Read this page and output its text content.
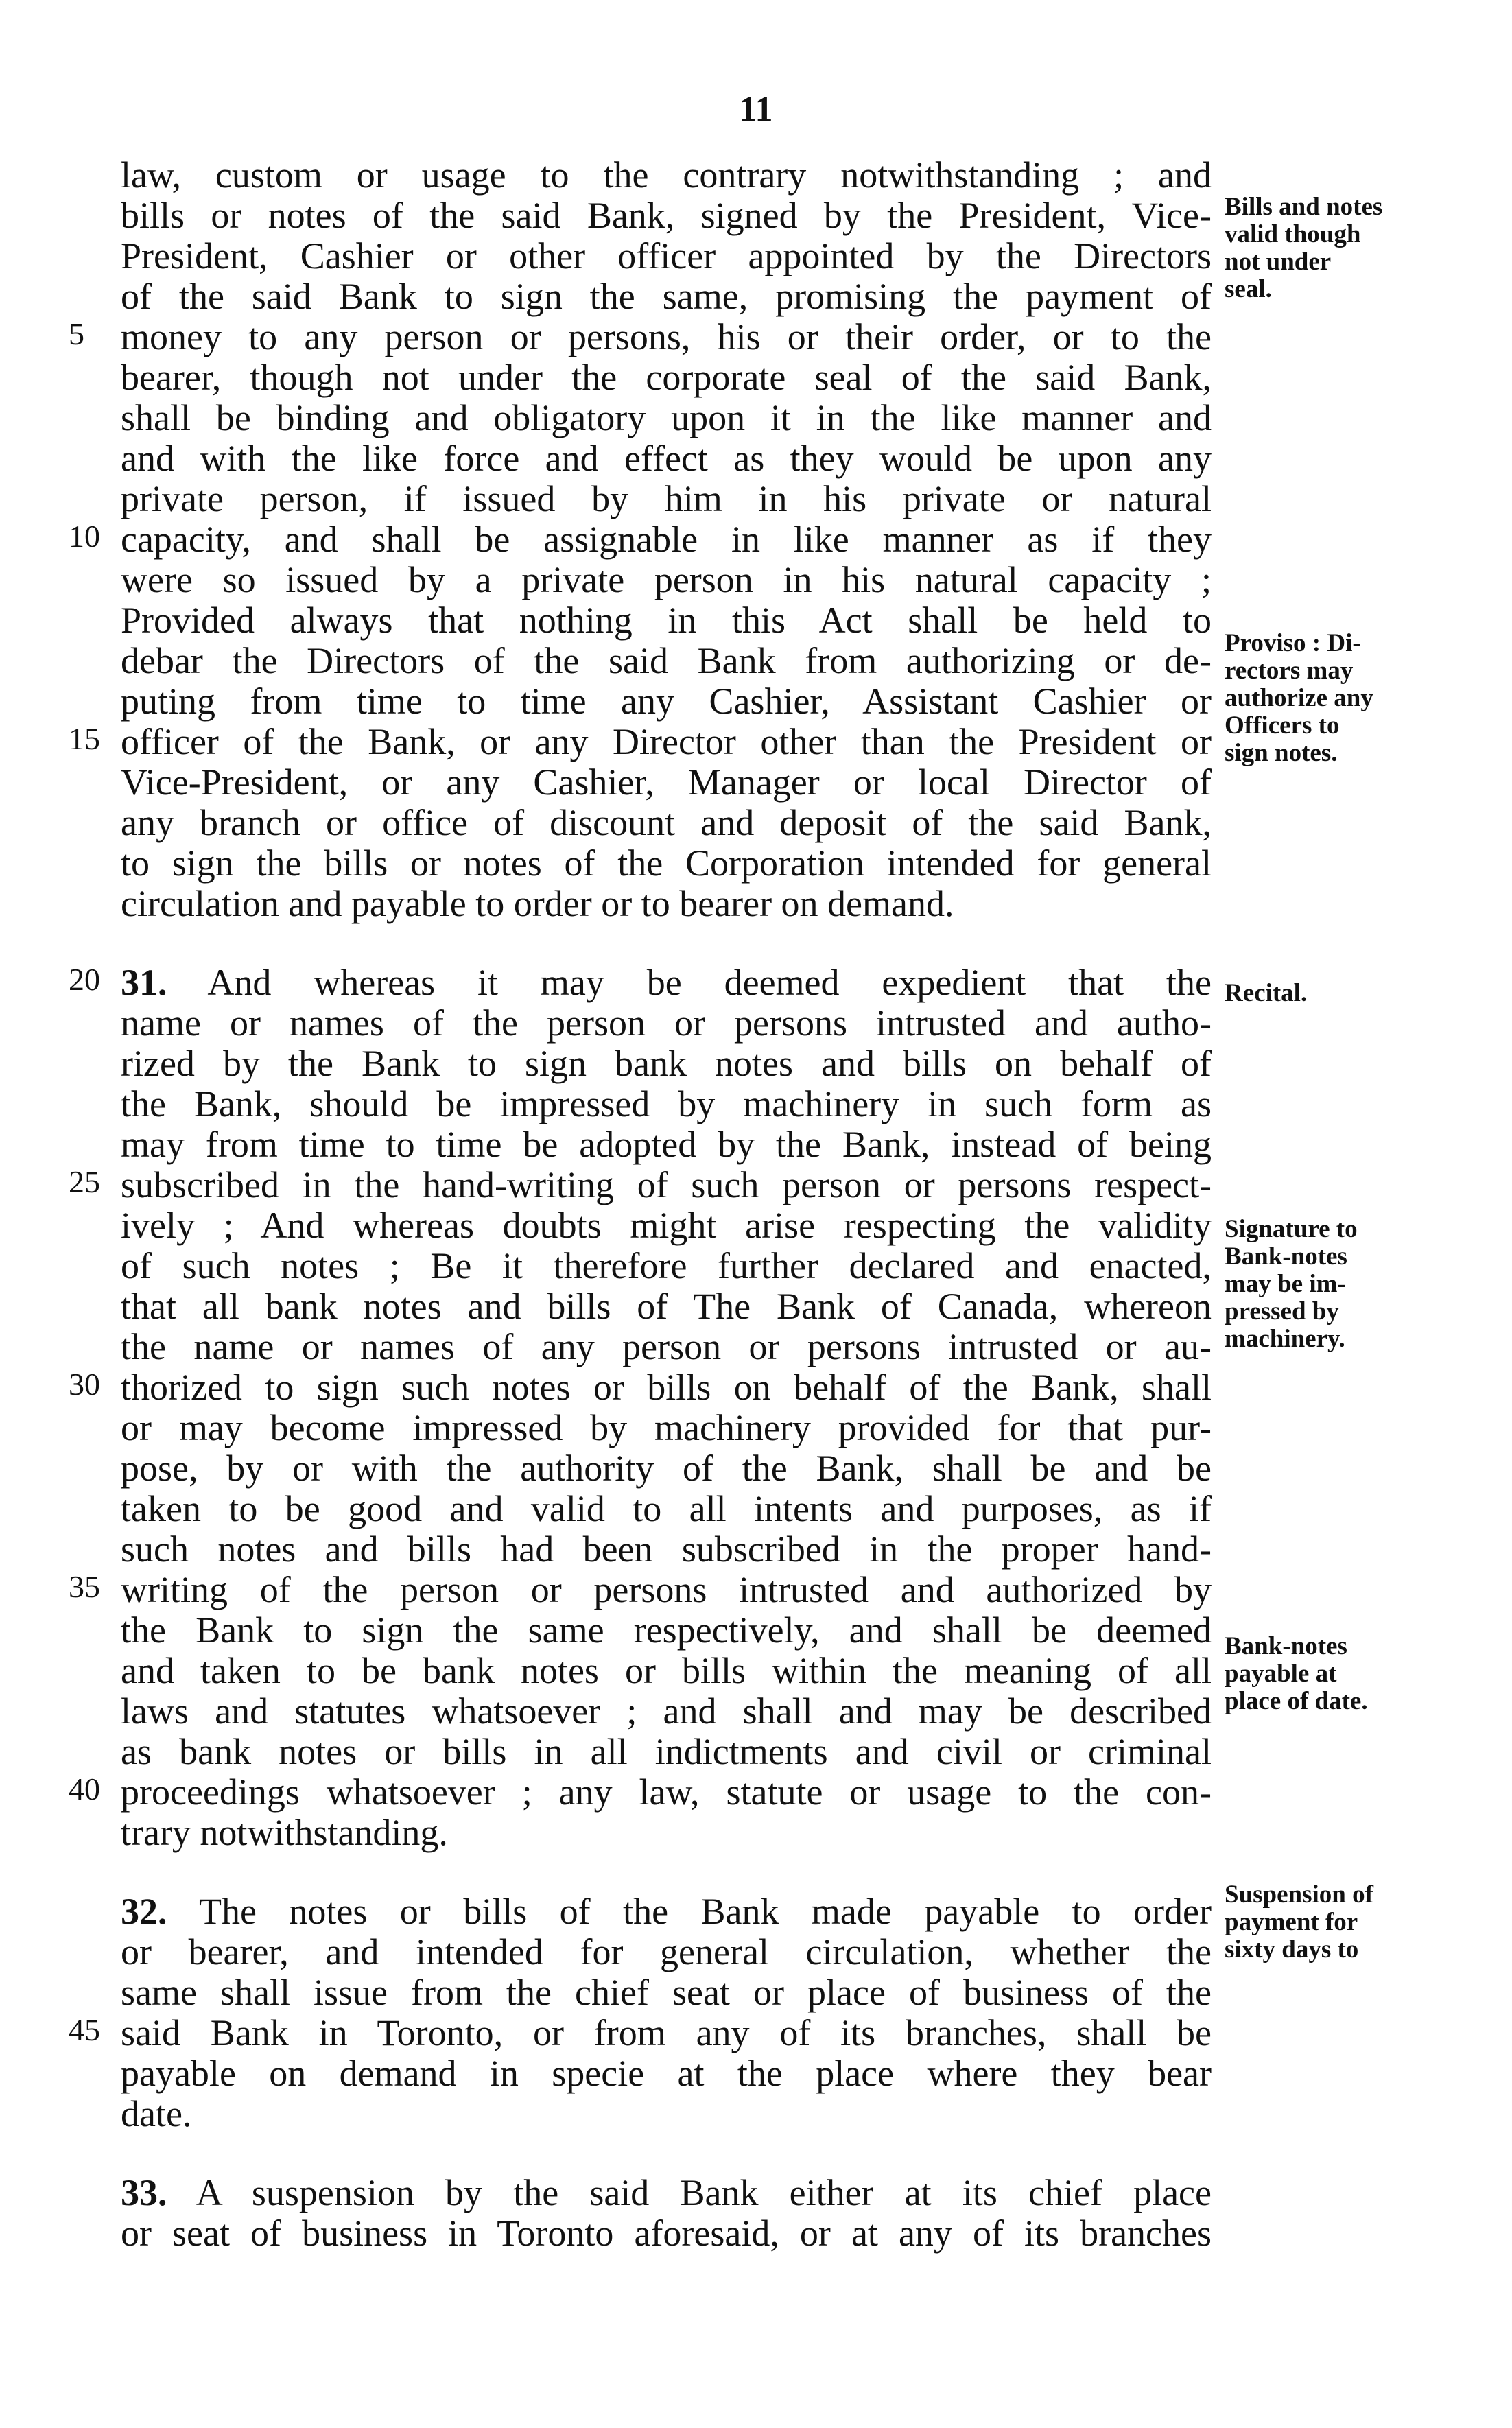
11
law, custom or usage to the contrary notwithstanding ; and
bills or notes of the said Bank, signed by the President, Vice-
President, Cashier or other officer appointed by the Directors
of the said Bank to sign the same, promising the payment of
5 money to any person or persons, his or their order, or to the
bearer, though not under the corporate seal of the said Bank,
shall be binding and obligatory upon it in the like manner and
and with the like force and effect as they would be upon any
private person, if issued by him in his private or natural
10 capacity, and shall be assignable in like manner as if they
were so issued by a private person in his natural capacity ;
Provided always that nothing in this Act shall be held to
debar the Directors of the said Bank from authorizing or de-
puting from time to time any Cashier, Assistant Cashier or
15 officer of the Bank, or any Director other than the President or
Vice-President, or any Cashier, Manager or local Director of
any branch or office of discount and deposit of the said Bank,
to sign the bills or notes of the Corporation intended for general
circulation and payable to order or to bearer on demand.
20 31. And whereas it may be deemed expedient that the
name or names of the person or persons intrusted and autho-
rized by the Bank to sign bank notes and bills on behalf of
the Bank, should be impressed by machinery in such form as
may from time to time be adopted by the Bank, instead of being
25 subscribed in the hand-writing of such person or persons respect-
ively ; And whereas doubts might arise respecting the validity
of such notes ; Be it therefore further declared and enacted,
that all bank notes and bills of The Bank of Canada, whereon
the name or names of any person or persons intrusted or au-
30 thorized to sign such notes or bills on behalf of the Bank, shall
or may become impressed by machinery provided for that pur-
pose, by or with the authority of the Bank, shall be and be
taken to be good and valid to all intents and purposes, as if
such notes and bills had been subscribed in the proper hand-
35 writing of the person or persons intrusted and authorized by
the Bank to sign the same respectively, and shall be deemed
and taken to be bank notes or bills within the meaning of all
laws and statutes whatsoever ; and shall and may be described
as bank notes or bills in all indictments and civil or criminal
40 proceedings whatsoever ; any law, statute or usage to the con-
trary notwithstanding.
32. The notes or bills of the Bank made payable to order
or bearer, and intended for general circulation, whether the
same shall issue from the chief seat or place of business of the
45 said Bank in Toronto, or from any of its branches, shall be
payable on demand in specie at the place where they bear
date.
33. A suspension by the said Bank either at its chief place
or seat of business in Toronto aforesaid, or at any of its branches
Bills and notes
valid though
not under
seal.
Proviso : Di-
rectors may
authorize any
Officers to
sign notes.
Recital.
Signature to
Bank-notes
may be im-
pressed by
machinery.
Bank-notes
payable at
place of date.
Suspension of
payment for
sixty days to
